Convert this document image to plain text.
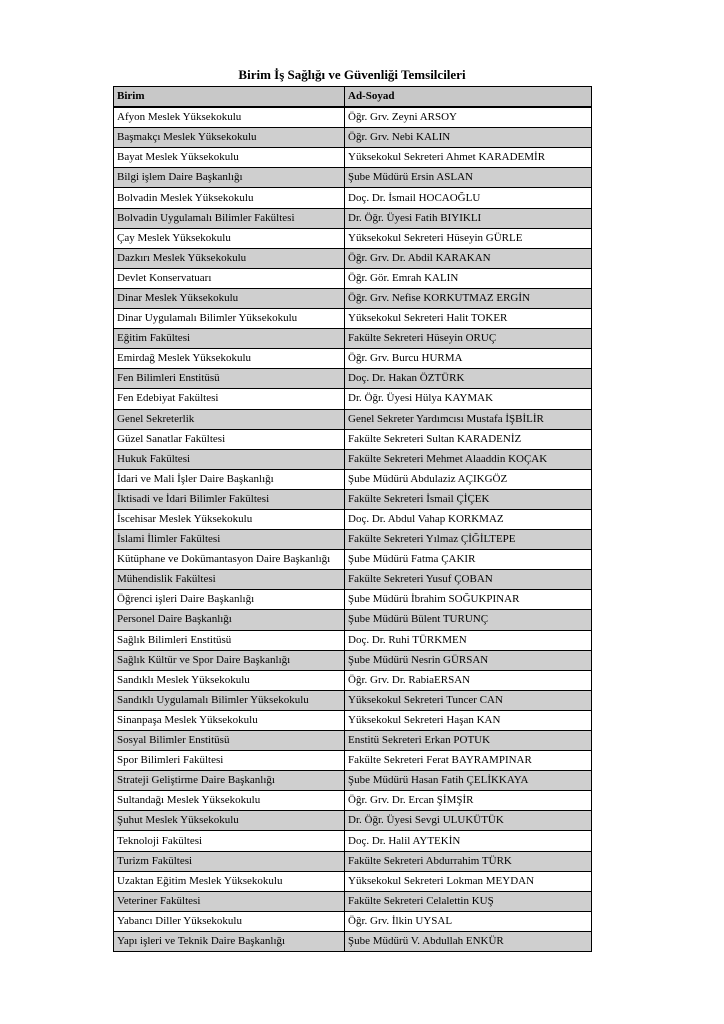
Birim İş Sağlığı ve Güvenliği Temsilcileri
Birim	Ad-Soyad
Afyon Meslek Yüksekokulu	Öğr. Grv. Zeyni ARSOY
Başmakçı Meslek Yüksekokulu	Öğr. Grv. Nebi KALIN
Bayat Meslek Yüksekokulu	Yüksekokul Sekreteri Ahmet KARADEMİR
Bilgi işlem Daire Başkanlığı	Şube Müdürü Ersin ASLAN
Bolvadin Meslek Yüksekokulu	Doç. Dr. İsmail HOCAOĞLU
Bolvadin Uygulamalı Bilimler Fakültesi	Dr. Öğr. Üyesi Fatih BIYIKLI
Çay Meslek Yüksekokulu	Yüksekokul Sekreteri Hüseyin GÜRLE
Dazkırı Meslek Yüksekokulu	Öğr. Grv. Dr. Abdil KARAKAN
Devlet Konservatuarı	Öğr. Gör. Emrah KALIN
Dinar Meslek Yüksekokulu	Öğr. Grv. Nefise KORKUTMAZ ERGİN
Dinar Uygulamalı Bilimler Yüksekokulu	Yüksekokul Sekreteri Halit TOKER
Eğitim Fakültesi	Fakülte Sekreteri Hüseyin ORUÇ
Emirdağ Meslek Yüksekokulu	Öğr. Grv. Burcu HURMA
Fen Bilimleri Enstitüsü	Doç. Dr. Hakan ÖZTÜRK
Fen Edebiyat Fakültesi	Dr. Öğr. Üyesi Hülya KAYMAK
Genel Sekreterlik	Genel Sekreter Yardımcısı Mustafa İŞBİLİR
Güzel Sanatlar Fakültesi	Fakülte Sekreteri Sultan KARADENİZ
Hukuk Fakültesi	Fakülte Sekreteri Mehmet Alaaddin KOÇAK
İdari ve Mali İşler Daire Başkanlığı	Şube Müdürü Abdulaziz AÇIKGÖZ
İktisadi ve İdari Bilimler Fakültesi	Fakülte Sekreteri İsmail ÇİÇEK
İscehisar Meslek Yüksekokulu	Doç. Dr. Abdul Vahap KORKMAZ
İslami İlimler Fakültesi	Fakülte Sekreteri Yılmaz ÇİĞİLTEPE
Kütüphane ve Dokümantasyon Daire Başkanlığı	Şube Müdürü Fatma ÇAKIR
Mühendislik Fakültesi	Fakülte Sekreteri Yusuf ÇOBAN
Öğrenci işleri Daire Başkanlığı	Şube Müdürü İbrahim SOĞUKPINAR
Personel Daire Başkanlığı	Şube Müdürü Bülent TURUNÇ
Sağlık Bilimleri Enstitüsü	Doç. Dr. Ruhi TÜRKMEN
Sağlık Kültür ve Spor Daire Başkanlığı	Şube Müdürü Nesrin GÜRSAN
Sandıklı Meslek Yüksekokulu	Öğr. Grv. Dr. RabiaERSAN
Sandıklı Uygulamalı Bilimler Yüksekokulu	Yüksekokul Sekreteri Tuncer CAN
Sinanpaşa Meslek Yüksekokulu	Yüksekokul Sekreteri Haşan KAN
Sosyal Bilimler Enstitüsü	Enstitü Sekreteri Erkan POTUK
Spor Bilimleri Fakültesi	Fakülte Sekreteri Ferat BAYRAMPINAR
Strateji Geliştirme Daire Başkanlığı	Şube Müdürü Hasan Fatih ÇELİKKAYA
Sultandağı Meslek Yüksekokulu	Öğr. Grv. Dr. Ercan ŞİMŞİR
Şuhut Meslek Yüksekokulu	Dr. Öğr. Üyesi Sevgi ULUKÜTÜK
Teknoloji Fakültesi	Doç. Dr. Halil AYTEKİN
Turizm Fakültesi	Fakülte Sekreteri Abdurrahim TÜRK
Uzaktan Eğitim Meslek Yüksekokulu	Yüksekokul Sekreteri Lokman MEYDAN
Veteriner Fakültesi	Fakülte Sekreteri Celalettin KUŞ
Yabancı Diller Yüksekokulu	Öğr. Grv. İlkin UYSAL
Yapı işleri ve Teknik Daire Başkanlığı	Şube Müdürü V. Abdullah ENKÜR
